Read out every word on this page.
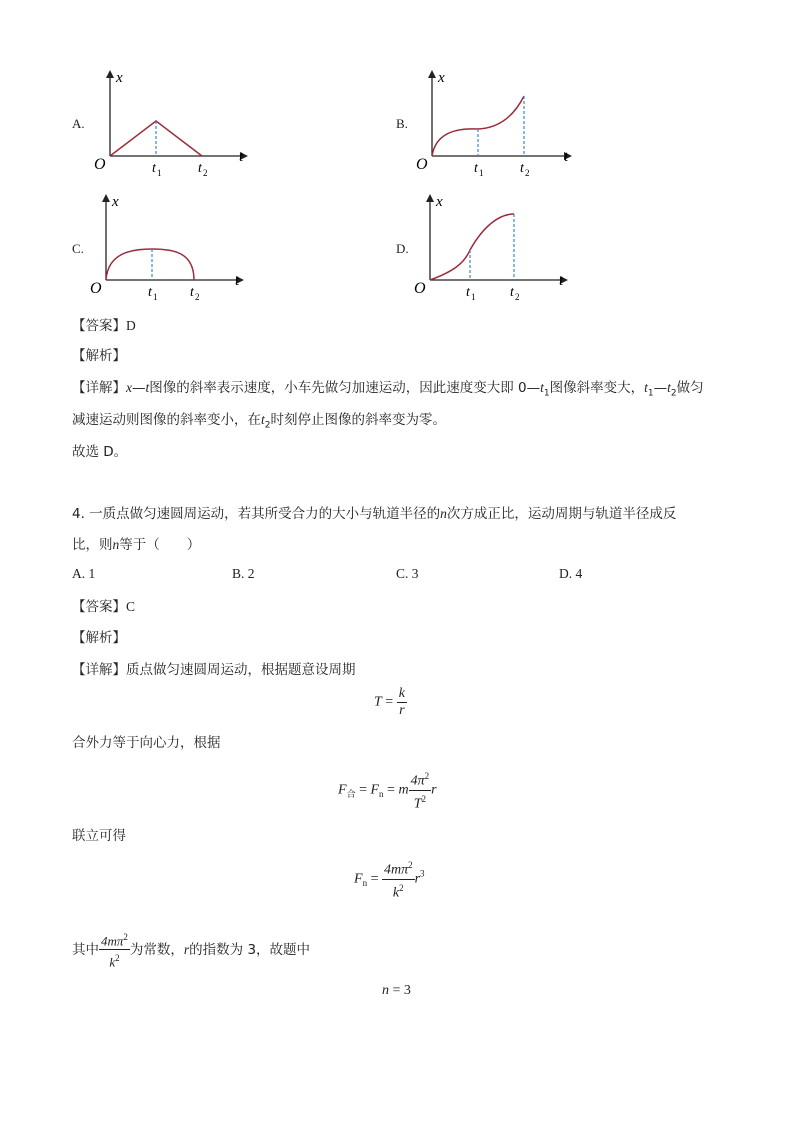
A.
x
t
O	t 1	t 2
B.
x
t
O	t 1	t 2
C.
x
t
O	t 1 t 2
D.
x
t
O	t 1 t 2
【答案】D
【解析】
【详解】x—t图像的斜率表示速度，小车先做匀加速运动，因此速度变大即 $0—t_1$图像斜率变大，$t_1—t_2$做匀
减速运动则图像的斜率变小，在$t_2$时刻停止图像的斜率变为零。
故选 D。
4. 一质点做匀速圆周运动，若其所受合力的大小与轨道半径的n次方成正比，运动周期与轨道半径成反
比，则n等于（　　）
A. 1	B. 2	C. 3	D. 4
【答案】C
【解析】
【详解】质点做匀速圆周运动，根据题意设周期
$T = \frac{k}{r}$
合外力等于向心力，根据
$F_合 = F_n = m \frac{4\pi^2}{T^2}$ r
联立可得
$F_n = \frac{4m\pi^2}{k^2} r^3$
其中 $\frac{4m\pi^2}{k^2}$ 为常数，r的指数为 3，故题中
n = 3
